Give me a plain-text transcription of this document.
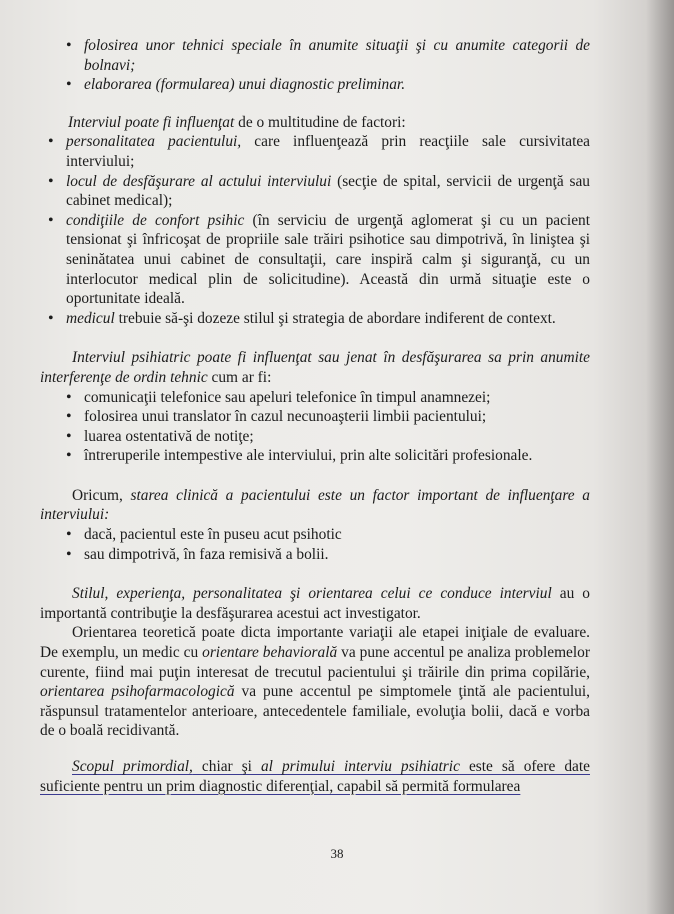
• folosirea unor tehnici speciale în anumite situaţii şi cu anumite categorii de bolnavi;
• elaborarea (formularea) unui diagnostic preliminar.

Interviul poate fi influenţat de o multitudine de factori:

• personalitatea pacientului, care influenţează prin reacţiile sale cursivitatea interviului;
• locul de desfăşurare al actului interviului (secţie de spital, servicii de urgenţă sau cabinet medical);
• condiţiile de confort psihic (în serviciu de urgenţă aglomerat şi cu un pacient tensionat şi înfricoşat de propriile sale trăiri psihotice sau dimpotrivă, în liniştea şi seninătatea unui cabinet de consultaţii, care inspiră calm şi siguranţă, cu un interlocutor medical plin de solicitudine). Această din urmă situaţie este o oportunitate ideală.
• medicul trebuie să-şi dozeze stilul şi strategia de abordare indiferent de context.

Interviul psihiatric poate fi influenţat sau jenat în desfăşurarea sa prin anumite interferenţe de ordin tehnic cum ar fi:

• comunicaţii telefonice sau apeluri telefonice în timpul anamnezei;
• folosirea unui translator în cazul necunoaşterii limbii pacientului;
• luarea ostentativă de notiţe;
• întreruperile intempestive ale interviului, prin alte solicitări profesionale.

Oricum, starea clinică a pacientului este un factor important de influenţare a interviului:

• dacă, pacientul este în puseu acut psihotic
• sau dimpotrivă, în faza remisivă a bolii.

Stilul, experienţa, personalitatea şi orientarea celui ce conduce interviul au o importantă contribuţie la desfăşurarea acestui act investigator.

Orientarea teoretică poate dicta importante variaţii ale etapei iniţiale de evaluare. De exemplu, un medic cu orientare behaviorală va pune accentul pe analiza problemelor curente, fiind mai puţin interesat de trecutul pacientului şi trăirile din prima copilărie, orientarea psihofarmacologică va pune accentul pe simptomele ţintă ale pacientului, răspunsul tratamentelor anterioare, antecedentele familiale, evoluţia bolii, dacă e vorba de o boală recidivantă.

Scopul primordial, chiar şi al primului interviu psihiatric este să ofere date suficiente pentru un prim diagnostic diferenţial, capabil să permită formularea

38
